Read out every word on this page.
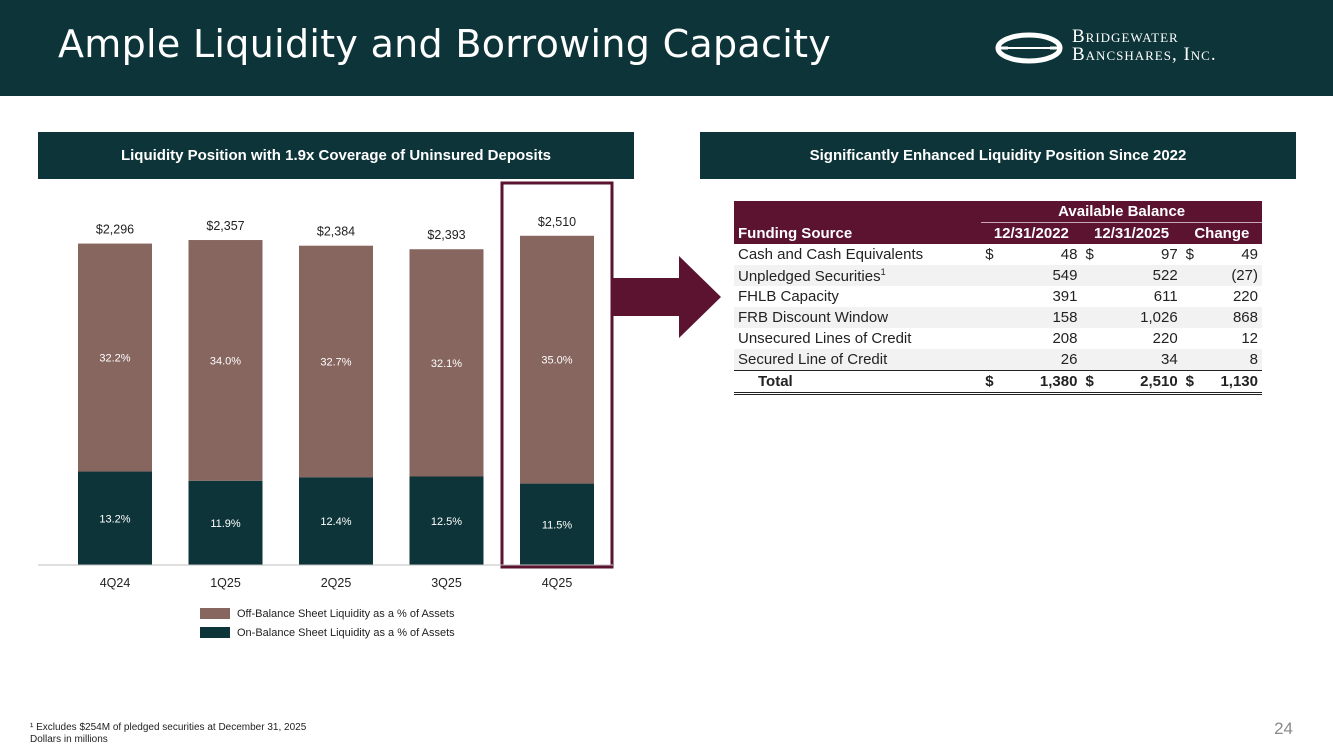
Ample Liquidity and Borrowing Capacity	Bridgewater
Bancshares, Inc.
Liquidity Position with 1.9x Coverage of Uninsured Deposits	Significantly Enhanced Liquidity Position Since 2022
13.2%
32.2%
$2,296
4Q24
11.9%
34.0%
$2,357
1Q25
12.4%
32.7%
$2,384
2Q25
12.5%
32.1%
$2,393
3Q25
11.5%
35.0%
$2,510
4Q25
Off-Balance Sheet Liquidity as a % of Assets
On-Balance Sheet Liquidity as a % of Assets
	Available Balance					
Funding Source	12/31/2022		12/31/2025		Change	
Cash and Cash Equivalents	$	48	$	97	$	49
Unpledged Securities$^1$		549		522		(27)
FHLB Capacity		391		611		220
FRB Discount Window		158		1,026		868
Unsecured Lines of Credit		208		220		12
Secured Line of Credit		26		34		8
Total	$	1,380	$	2,510	$	1,130
¹ Excludes $254M of pledged securities at December 31, 2025
Dollars in millions
24
